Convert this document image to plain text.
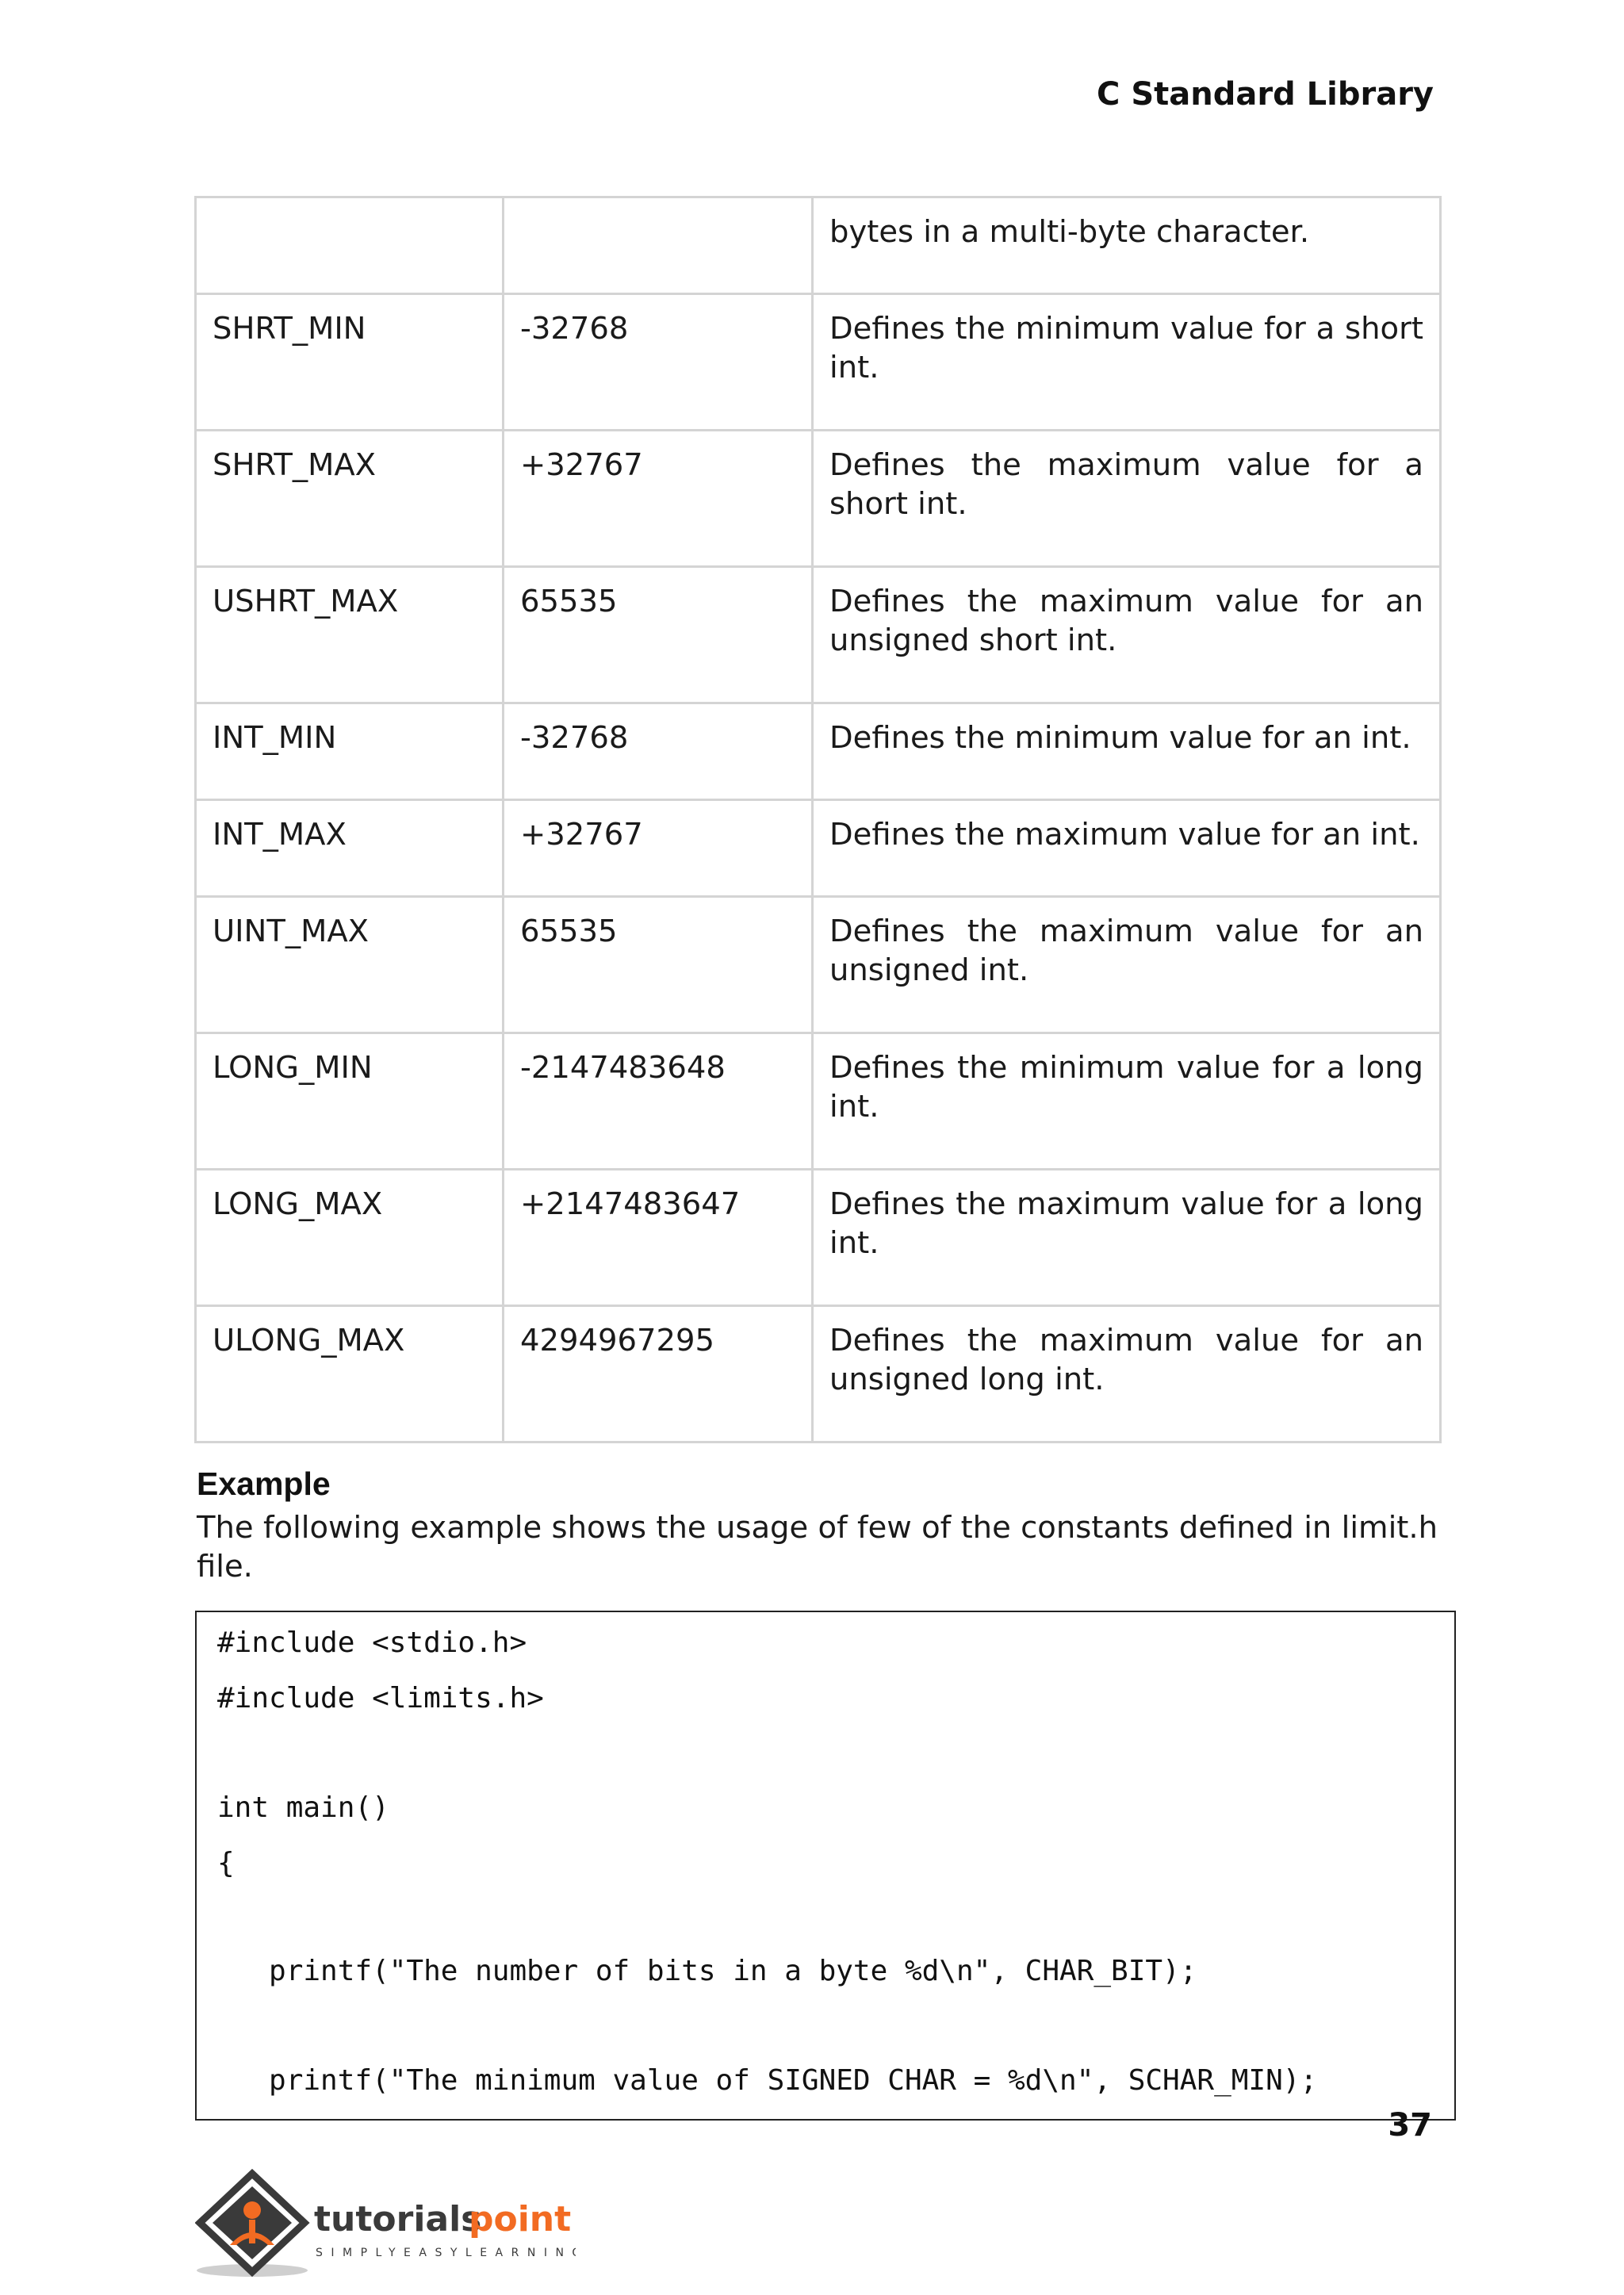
C Standard Library
		bytes in a multi-byte character.
SHRT_MIN	-32768	Defines the minimum value for a short int.
SHRT_MAX	+32767	Defines the maximum value for a short int.
USHRT_MAX	65535	Defines the maximum value for an unsigned short int.
INT_MIN	-32768	Defines the minimum value for an int.
INT_MAX	+32767	Defines the maximum value for an int.
UINT_MAX	65535	Defines the maximum value for an unsigned int.
LONG_MIN	-2147483648	Defines the minimum value for a long int.
LONG_MAX	+2147483647	Defines the maximum value for a long int.
ULONG_MAX	4294967295	Defines the maximum value for an unsigned long int.
Example
The following example shows the usage of few of the constants defined in limit.h file.
#include <stdio.h>
#include <limits.h>
int main()
{
printf("The number of bits in a byte %d\n", CHAR_BIT);
printf("The minimum value of SIGNED CHAR = %d\n", SCHAR_MIN);
37
tutorials
point
SIMPLYEASYLEARNING
